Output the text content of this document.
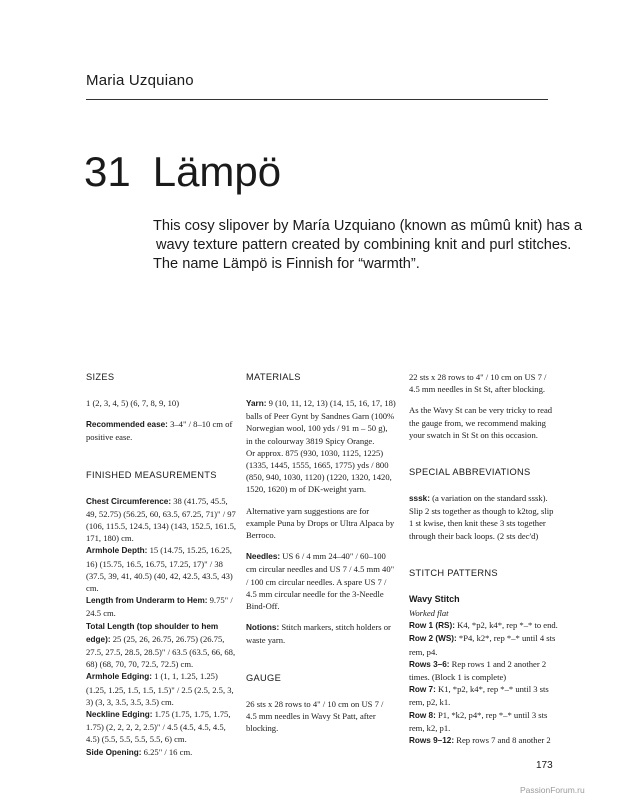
Maria Uzquiano
31 Lämpö

This cosy slipover by María Uzquiano (known as mûmû knit) has a

wavy texture pattern created by combining knit and purl stitches.

The name Lämpö is Finnish for “warmth”.

SIZES

1 (2, 3, 4, 5) (6, 7, 8, 9, 10)

Recommended ease: 3–4" / 8–10 cm of positive ease.

FINISHED MEASUREMENTS

Chest Circumference: 38 (41.75, 45.5, 49, 52.75) (56.25, 60, 63.5, 67.25, 71)" / 97 (106, 115.5, 124.5, 134) (143, 152.5, 161.5, 171, 180) cm.

Armhole Depth: 15 (14.75, 15.25, 16.25, 16) (15.75, 16.5, 16.75, 17.25, 17)" / 38 (37.5, 39, 41, 40.5) (40, 42, 42.5, 43.5, 43) cm.

Length from Underarm to Hem: 9.75" / 24.5 cm.

Total Length (top shoulder to hem edge): 25 (25, 26, 26.75, 26.75) (26.75, 27.5, 27.5, 28.5, 28.5)" / 63.5 (63.5, 66, 68, 68) (68, 70, 70, 72.5, 72.5) cm.

Armhole Edging: 1 (1, 1, 1.25, 1.25) (1.25, 1.25, 1.5, 1.5, 1.5)" / 2.5 (2.5, 2.5, 3, 3) (3, 3, 3.5, 3.5, 3.5) cm.

Neckline Edging: 1.75 (1.75, 1.75, 1.75, 1.75) (2, 2, 2, 2, 2.5)" / 4.5 (4.5, 4.5, 4.5, 4.5) (5.5, 5.5, 5.5, 5.5, 6) cm.

Side Opening: 6.25" / 16 cm.

MATERIALS

Yarn: 9 (10, 11, 12, 13) (14, 15, 16, 17, 18) balls of Peer Gynt by Sandnes Garn (100% Norwegian wool, 100 yds / 91 m – 50 g), in the colourway 3819 Spicy Orange.

Or approx. 875 (930, 1030, 1125, 1225) (1335, 1445, 1555, 1665, 1775) yds / 800 (850, 940, 1030, 1120) (1220, 1320, 1420, 1520, 1620) m of DK-weight yarn.

Alternative yarn suggestions are for example Puna by Drops or Ultra Alpaca by Berroco.

Needles: US 6 / 4 mm 24–40" / 60–100 cm circular needles and US 7 / 4.5 mm 40" / 100 cm circular needles. A spare US 7 / 4.5 mm circular needle for the 3-Needle Bind-Off.

Notions: Stitch markers, stitch holders or waste yarn.

GAUGE

26 sts x 28 rows to 4" / 10 cm on US 7 / 4.5 mm needles in Wavy St Patt, after blocking.

22 sts x 28 rows to 4" / 10 cm on US 7 / 4.5 mm needles in St St, after blocking.

As the Wavy St can be very tricky to read the gauge from, we recommend making your swatch in St St on this occasion.

SPECIAL ABBREVIATIONS

sssk: (a variation on the standard sssk). Slip 2 sts together as though to k2tog, slip 1 st kwise, then knit these 3 sts together through their back loops. (2 sts dec'd)

STITCH PATTERNS
Wavy Stitch

Worked flat

Row 1 (RS): K4, *p2, k4*, rep *–* to end.

Row 2 (WS): *P4, k2*, rep *–* until 4 sts rem, p4.

Rows 3–6: Rep rows 1 and 2 another 2 times. (Block 1 is complete)

Row 7: K1, *p2, k4*, rep *–* until 3 sts rem, p2, k1.

Row 8: P1, *k2, p4*, rep *–* until 3 sts rem, k2, p1.

Rows 9–12: Rep rows 7 and 8 another 2

173
PassionForum.ru
